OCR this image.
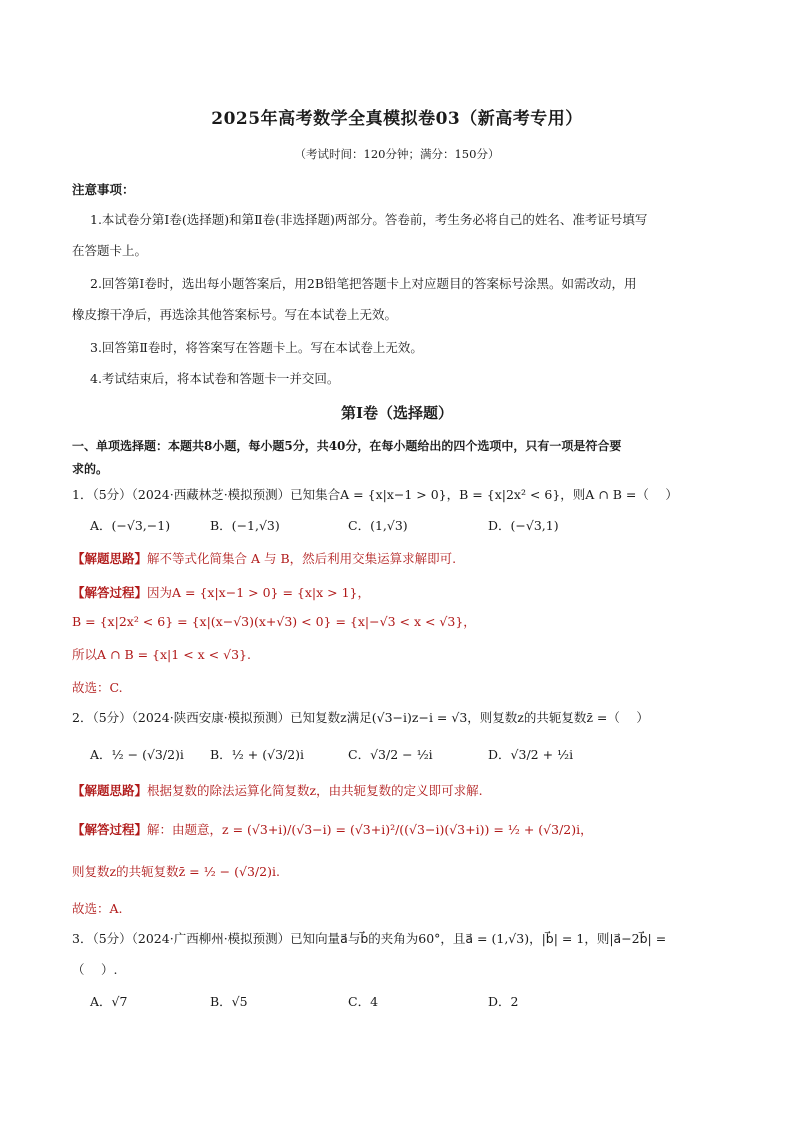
2025年高考数学全真模拟卷03（新高考专用）
（考试时间：120分钟；满分：150分）
注意事项：
1.本试卷分第Ⅰ卷(选择题)和第Ⅱ卷(非选择题)两部分。答卷前，考生务必将自己的姓名、准考证号填写
在答题卡上。
2.回答第Ⅰ卷时，选出每小题答案后，用2B铅笔把答题卡上对应题目的答案标号涂黑。如需改动，用
橡皮擦干净后，再选涂其他答案标号。写在本试卷上无效。
3.回答第Ⅱ卷时，将答案写在答题卡上。写在本试卷上无效。
4.考试结束后，将本试卷和答题卡一并交回。
第Ⅰ卷（选择题）
一、单项选择题：本题共8小题，每小题5分，共40分，在每小题给出的四个选项中，只有一项是符合要
求的。
1．（5分）（2024·西藏林芝·模拟预测）已知集合A = {x|x−1 > 0}，B = {x|2x² < 6}，则A ∩ B =（　 ）
A．(−√3,−1)	B．(−1,√3)	C．(1,√3)	D．(−√3,1)
【解题思路】解不等式化简集合 A 与 B，然后利用交集运算求解即可.
【解答过程】因为A = {x|x−1 > 0} = {x|x > 1}，
B = {x|2x² < 6} = {x|(x−√3)(x+√3) < 0} = {x|−√3 < x < √3}，
所以A ∩ B = {x|1 < x < √3}.
故选：C.
2．（5分）（2024·陕西安康·模拟预测）已知复数z满足(√3−i)z−i = √3，则复数z的共轭复数z̄ =（　 ）
A．½ − (√3/2)i B．½ + (√3/2)i	C．√3/2 − ½i	D．√3/2 + ½i
【解题思路】根据复数的除法运算化简复数z，由共轭复数的定义即可求解.
【解答过程】解：由题意，z = (√3+i)/(√3−i) = (√3+i)²/((√3−i)(√3+i)) = ½ + (√3/2)i，
则复数z的共轭复数z̄ = ½ − (√3/2)i.
故选：A.
3．（5分）（2024·广西柳州·模拟预测）已知向量a⃗与b⃗的夹角为60°，且a⃗ = (1,√3)，|b⃗| = 1，则|a⃗−2b⃗| =
（　 ）.
A．√7	B．√5	C．4	D．2
